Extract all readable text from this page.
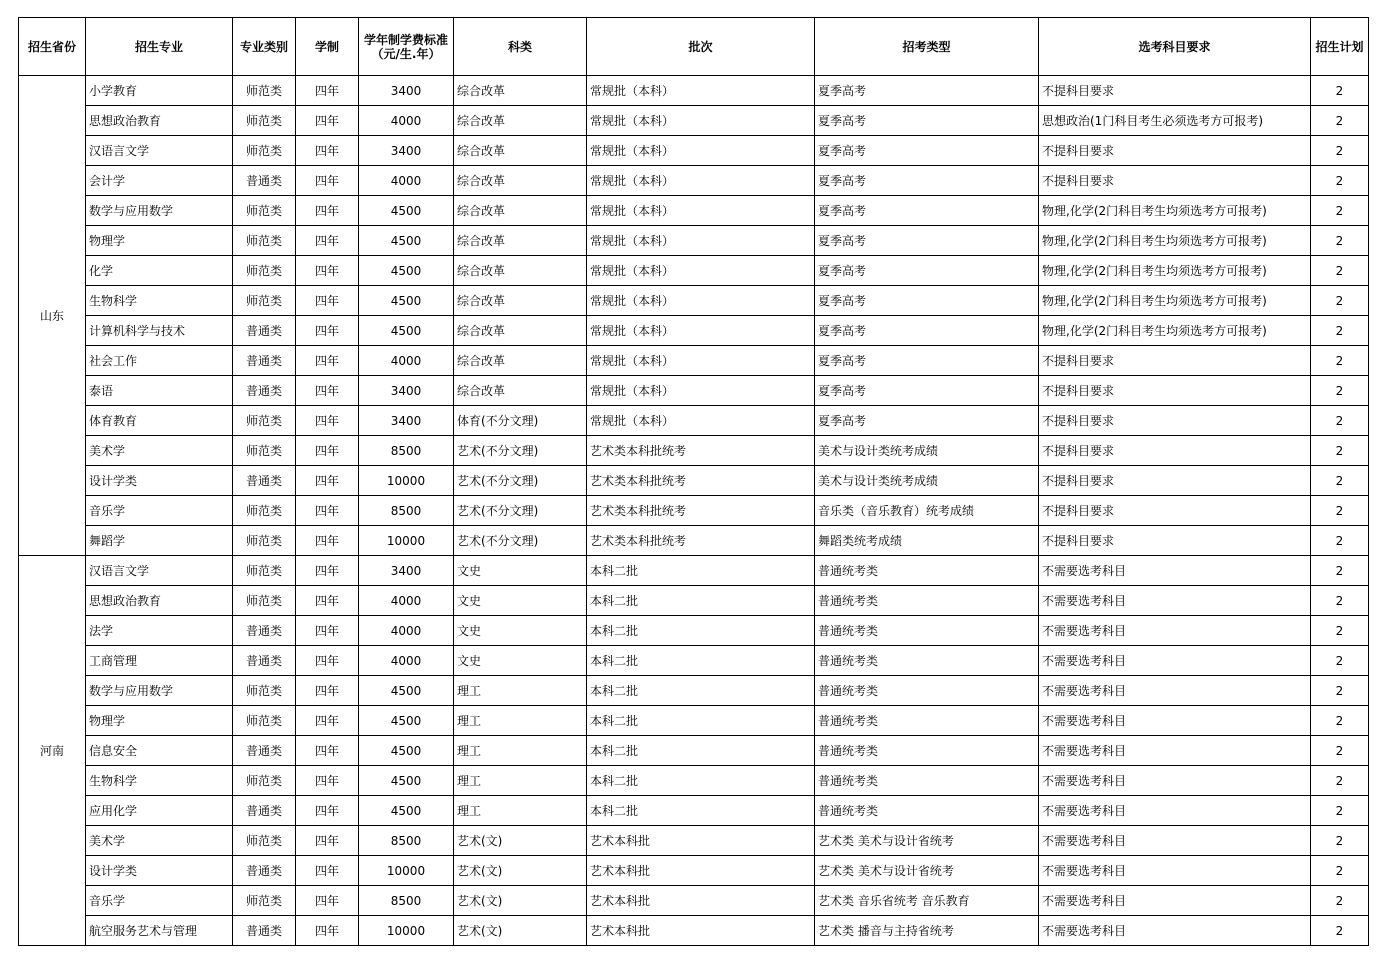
招生省份	招生专业	专业类别	学制	学年制学费标准（元/生.年）	科类	批次	招考类型	选考科目要求	招生计划
山东	小学教育	师范类	四年	3400	综合改革	常规批（本科）	夏季高考	不提科目要求	2
	思想政治教育	师范类	四年	4000	综合改革	常规批（本科）	夏季高考	思想政治(1门科目考生必须选考方可报考)	2
	汉语言文学	师范类	四年	3400	综合改革	常规批（本科）	夏季高考	不提科目要求	2
	会计学	普通类	四年	4000	综合改革	常规批（本科）	夏季高考	不提科目要求	2
	数学与应用数学	师范类	四年	4500	综合改革	常规批（本科）	夏季高考	物理,化学(2门科目考生均须选考方可报考)	2
	物理学	师范类	四年	4500	综合改革	常规批（本科）	夏季高考	物理,化学(2门科目考生均须选考方可报考)	2
	化学	师范类	四年	4500	综合改革	常规批（本科）	夏季高考	物理,化学(2门科目考生均须选考方可报考)	2
	生物科学	师范类	四年	4500	综合改革	常规批（本科）	夏季高考	物理,化学(2门科目考生均须选考方可报考)	2
	计算机科学与技术	普通类	四年	4500	综合改革	常规批（本科）	夏季高考	物理,化学(2门科目考生均须选考方可报考)	2
	社会工作	普通类	四年	4000	综合改革	常规批（本科）	夏季高考	不提科目要求	2
	泰语	普通类	四年	3400	综合改革	常规批（本科）	夏季高考	不提科目要求	2
	体育教育	师范类	四年	3400	体育(不分文理)	常规批（本科）	夏季高考	不提科目要求	2
	美术学	师范类	四年	8500	艺术(不分文理)	艺术类本科批统考	美术与设计类统考成绩	不提科目要求	2
	设计学类	普通类	四年	10000	艺术(不分文理)	艺术类本科批统考	美术与设计类统考成绩	不提科目要求	2
	音乐学	师范类	四年	8500	艺术(不分文理)	艺术类本科批统考	音乐类（音乐教育）统考成绩	不提科目要求	2
	舞蹈学	师范类	四年	10000	艺术(不分文理)	艺术类本科批统考	舞蹈类统考成绩	不提科目要求	2
河南	汉语言文学	师范类	四年	3400	文史	本科二批	普通统考类	不需要选考科目	2
	思想政治教育	师范类	四年	4000	文史	本科二批	普通统考类	不需要选考科目	2
	法学	普通类	四年	4000	文史	本科二批	普通统考类	不需要选考科目	2
	工商管理	普通类	四年	4000	文史	本科二批	普通统考类	不需要选考科目	2
	数学与应用数学	师范类	四年	4500	理工	本科二批	普通统考类	不需要选考科目	2
	物理学	师范类	四年	4500	理工	本科二批	普通统考类	不需要选考科目	2
	信息安全	普通类	四年	4500	理工	本科二批	普通统考类	不需要选考科目	2
	生物科学	师范类	四年	4500	理工	本科二批	普通统考类	不需要选考科目	2
	应用化学	普通类	四年	4500	理工	本科二批	普通统考类	不需要选考科目	2
	美术学	师范类	四年	8500	艺术(文)	艺术本科批	艺术类 美术与设计省统考	不需要选考科目	2
	设计学类	普通类	四年	10000	艺术(文)	艺术本科批	艺术类 美术与设计省统考	不需要选考科目	2
	音乐学	师范类	四年	8500	艺术(文)	艺术本科批	艺术类 音乐省统考 音乐教育	不需要选考科目	2
	航空服务艺术与管理	普通类	四年	10000	艺术(文)	艺术本科批	艺术类 播音与主持省统考	不需要选考科目	2
